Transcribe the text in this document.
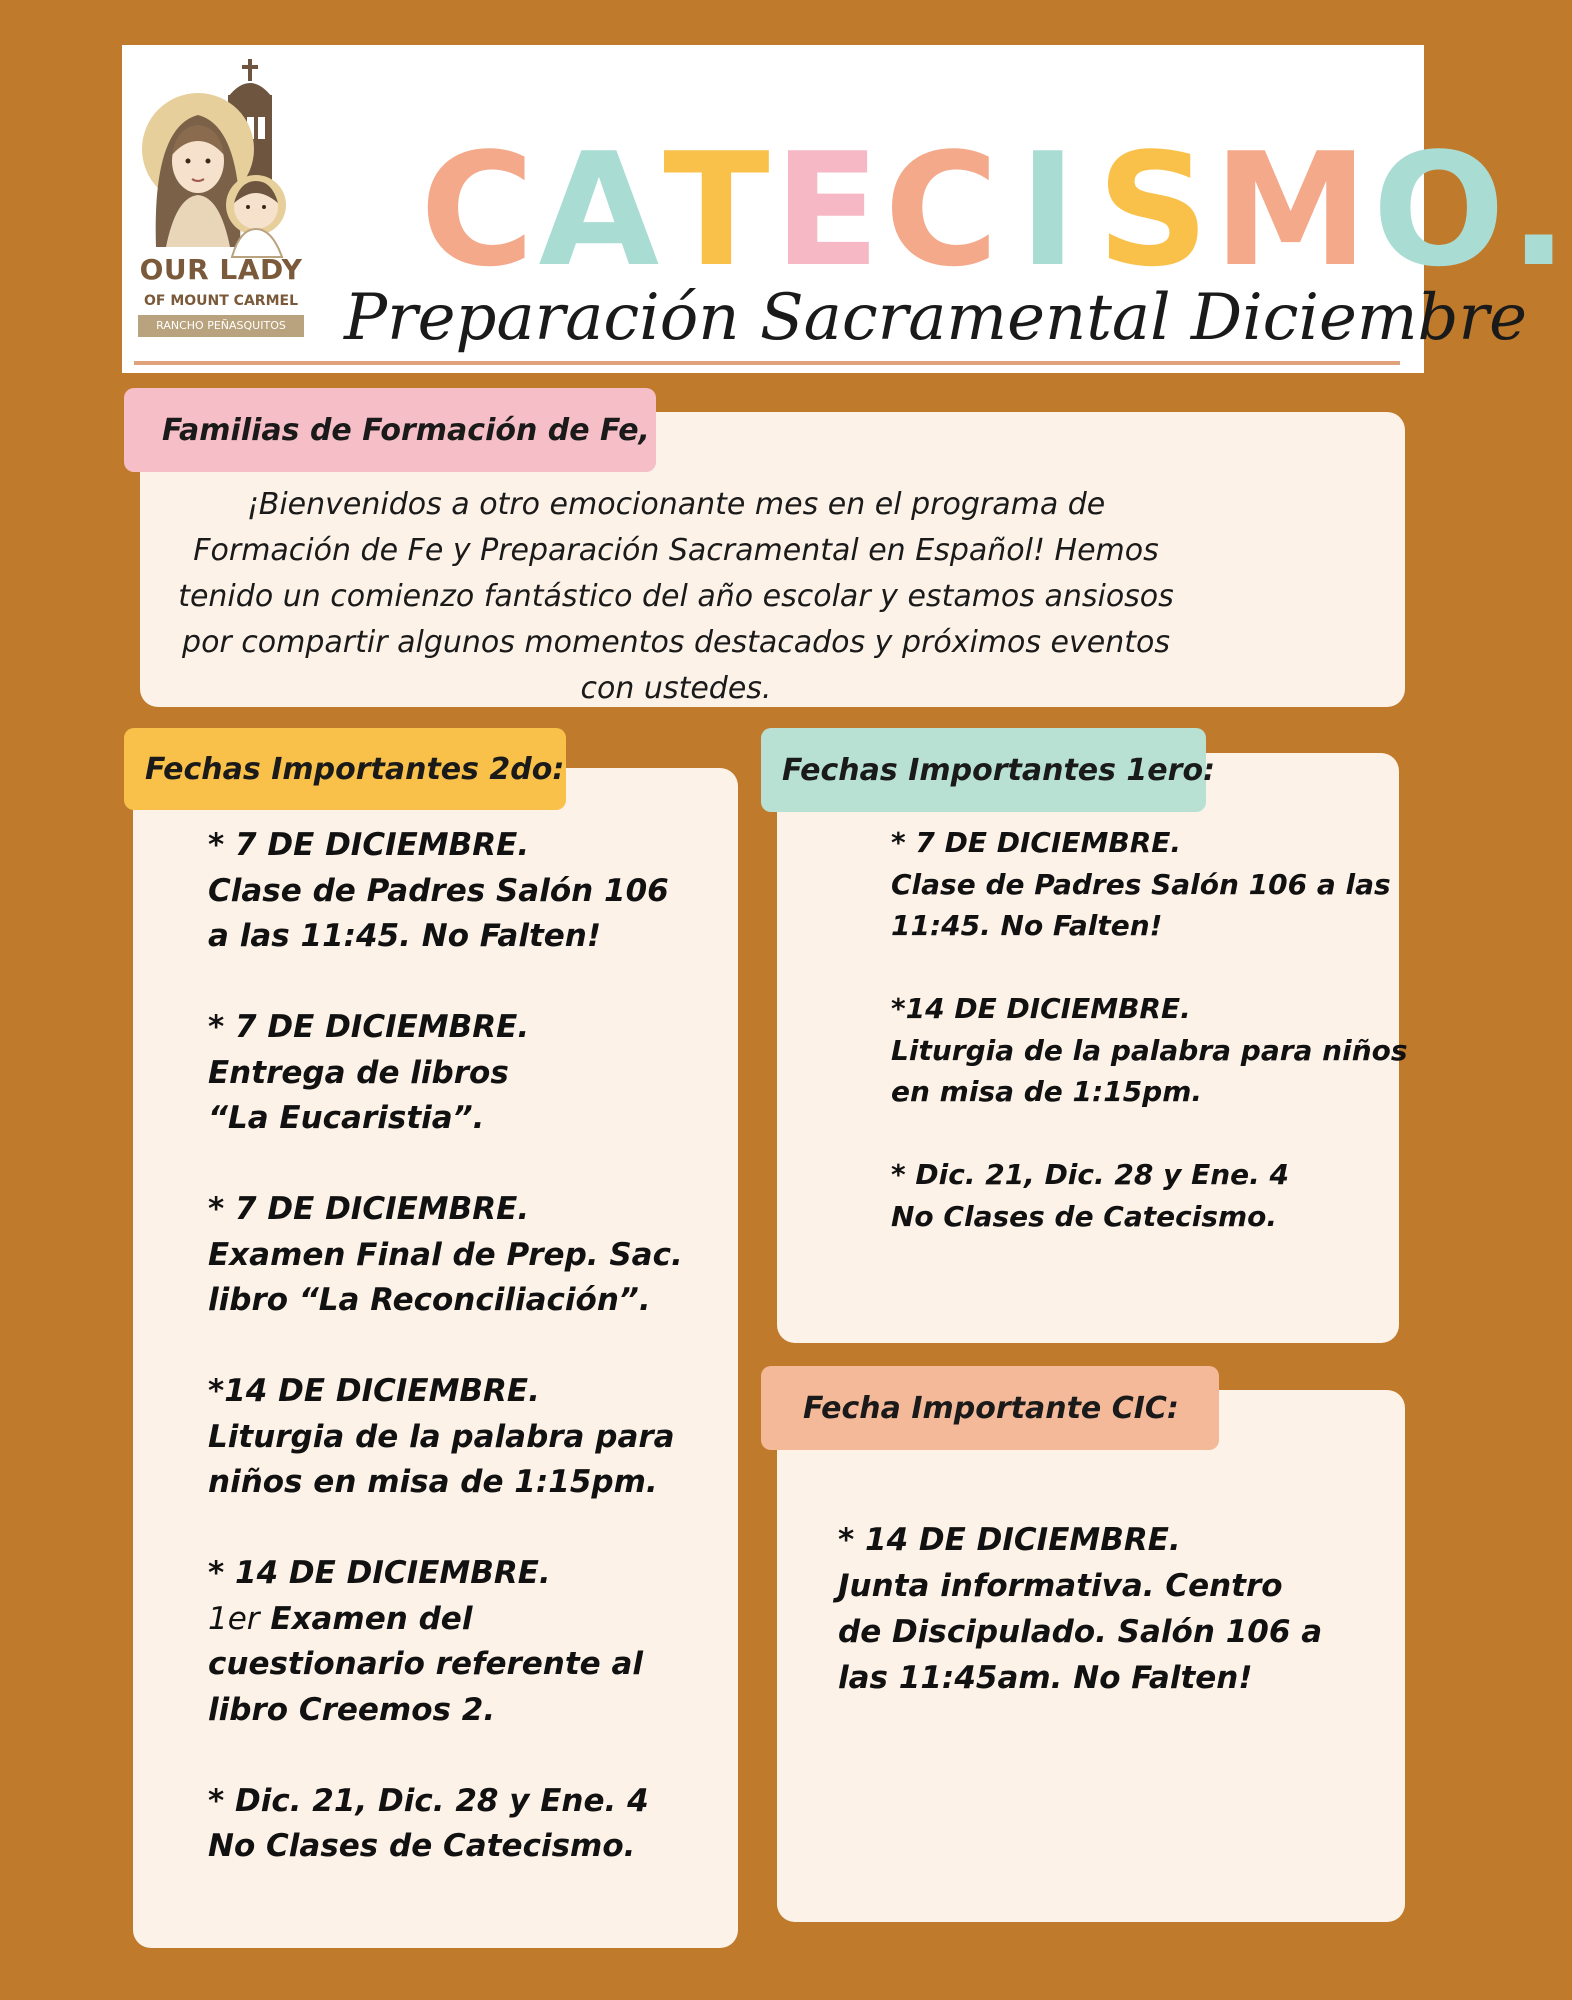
OUR LADY
OF MOUNT CARMEL
RANCHO PEÑASQUITOS
CATEC I SMO.
Preparación Sacramental Diciembre
Familias de Formación de Fe,
¡Bienvenidos a otro emocionante mes en el programa de Formación de Fe y Preparación Sacramental en Español! Hemos tenido un comienzo fantástico del año escolar y estamos ansiosos por compartir algunos momentos destacados y próximos eventos con ustedes.
Fechas Importantes 2do:

* 7 DE DICIEMBRE.
Clase de Padres Salón 106
a las 11:45. No Falten!

* 7 DE DICIEMBRE.
Entrega de libros
“La Eucaristia”.

* 7 DE DICIEMBRE.
Examen Final de Prep. Sac.
libro “La Reconciliación”.

*14 DE DICIEMBRE.
Liturgia de la palabra para
niños en misa de 1:15pm.

* 14 DE DICIEMBRE.

1er Examen del
cuestionario referente al
libro Creemos 2.

* Dic. 21, Dic. 28 y Ene. 4
No Clases de Catecismo.

Fechas Importantes 1ero:

* 7 DE DICIEMBRE.
Clase de Padres Salón 106 a las
11:45. No Falten!

*14 DE DICIEMBRE.
Liturgia de la palabra para niños
en misa de 1:15pm.

* Dic. 21, Dic. 28 y Ene. 4
No Clases de Catecismo.

Fecha Importante CIC:

* 14 DE DICIEMBRE.
Junta informativa. Centro
de Discipulado. Salón 106 a
las 11:45am. No Falten!
